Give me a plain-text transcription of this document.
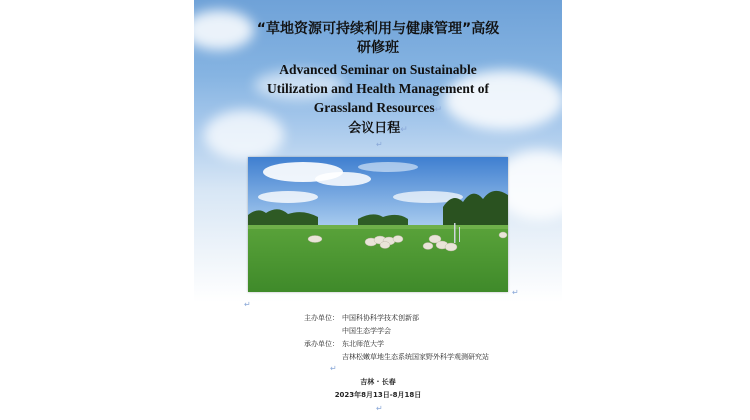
“草地资源可持续利用与健康管理”高级研修班
Advanced Seminar on Sustainable Utilization and Health Management of Grassland Resources↵
会议日程↵
↵
↵
↵
主办单位： 中国科协科学技术创新部
中国生态学学会
承办单位： 东北师范大学
吉林松嫩草地生态系统国家野外科学观测研究站
↵
吉林 · 长春
2023年8月13日-8月18日
↵
